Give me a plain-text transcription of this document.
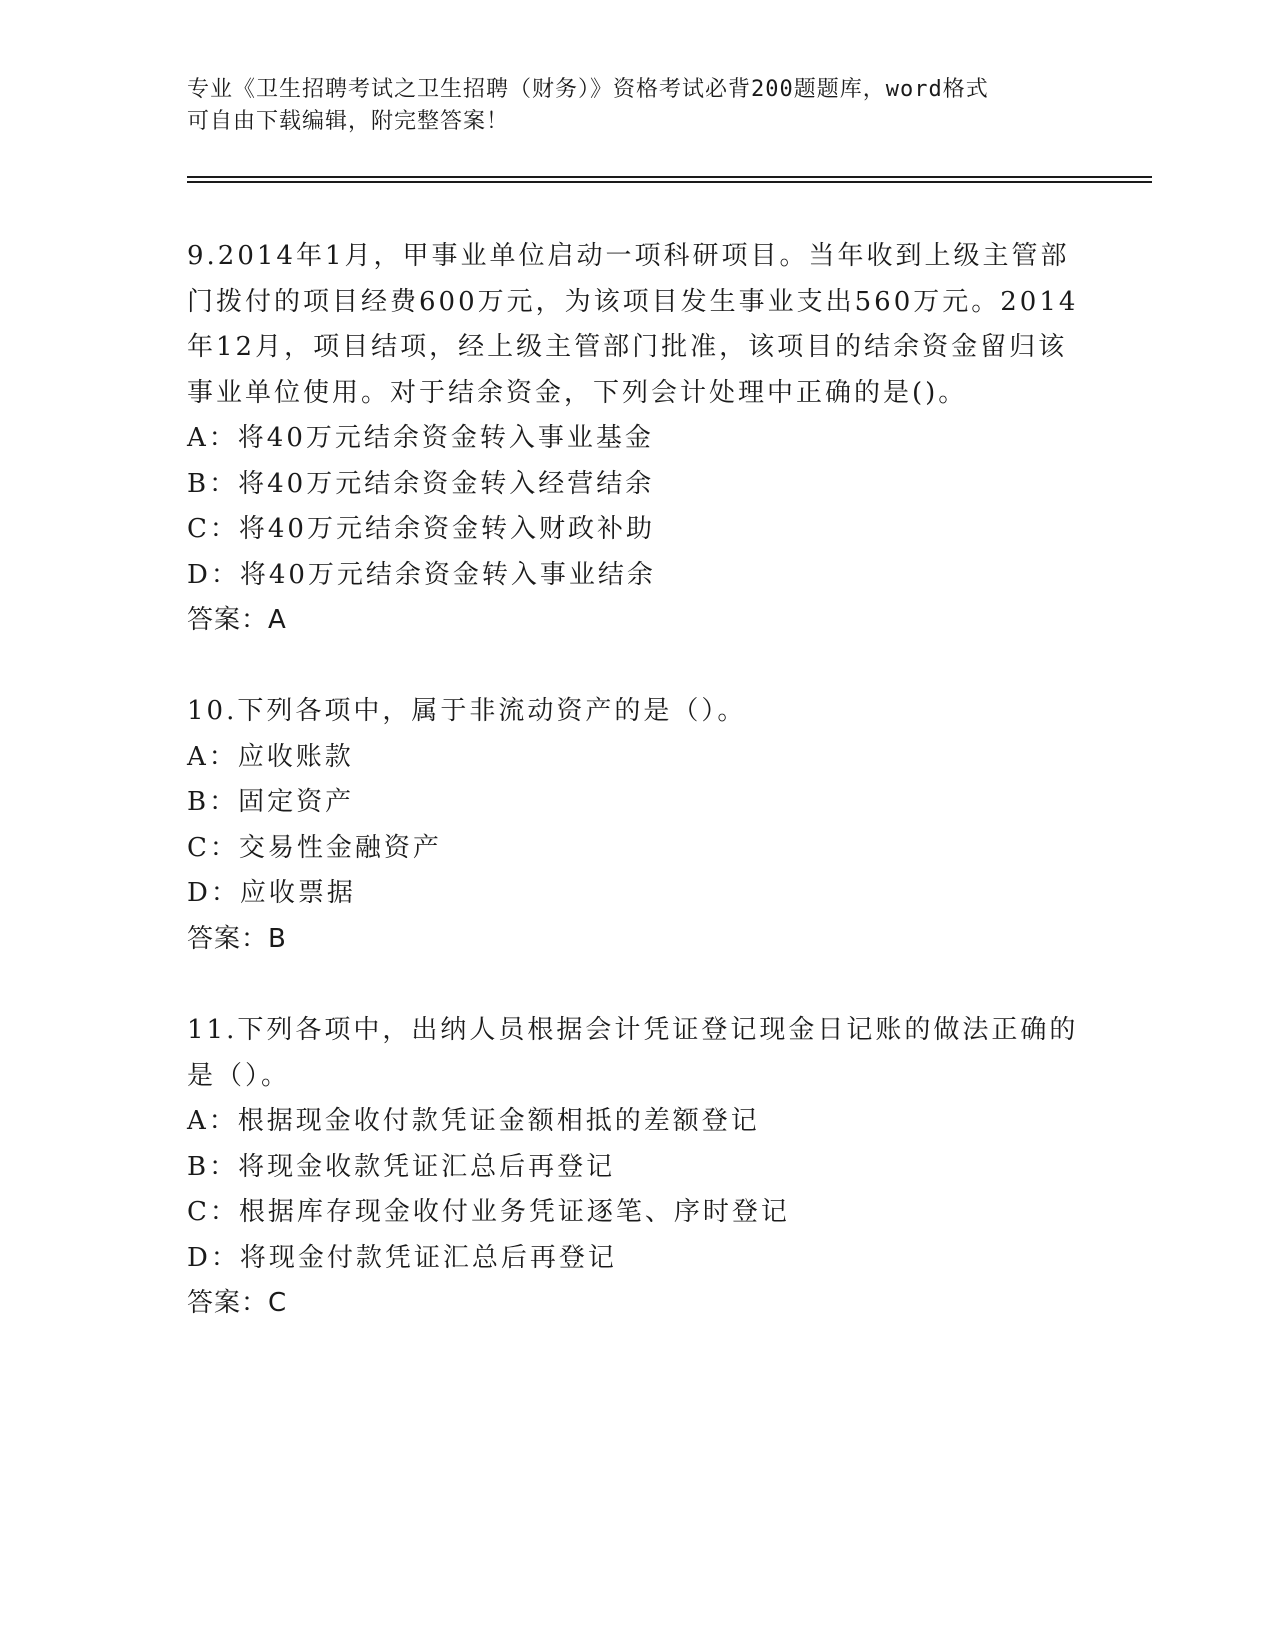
专业《卫生招聘考试之卫生招聘（财务）》资格考试必背200题题库，word格式
可自由下载编辑，附完整答案！
9.2014年1月，甲事业单位启动一项科研项目。当年收到上级主管部
门拨付的项目经费600万元，为该项目发生事业支出560万元。2014
年12月，项目结项，经上级主管部门批准，该项目的结余资金留归该
事业单位使用。对于结余资金，下列会计处理中正确的是()。
A：将40万元结余资金转入事业基金
B：将40万元结余资金转入经营结余
C：将40万元结余资金转入财政补助
D：将40万元结余资金转入事业结余
答案：A
10.下列各项中，属于非流动资产的是（）。
A：应收账款
B：固定资产
C：交易性金融资产
D：应收票据
答案：B
11.下列各项中，出纳人员根据会计凭证登记现金日记账的做法正确的
是（）。
A：根据现金收付款凭证金额相抵的差额登记
B：将现金收款凭证汇总后再登记
C：根据库存现金收付业务凭证逐笔、序时登记
D：将现金付款凭证汇总后再登记
答案：C
